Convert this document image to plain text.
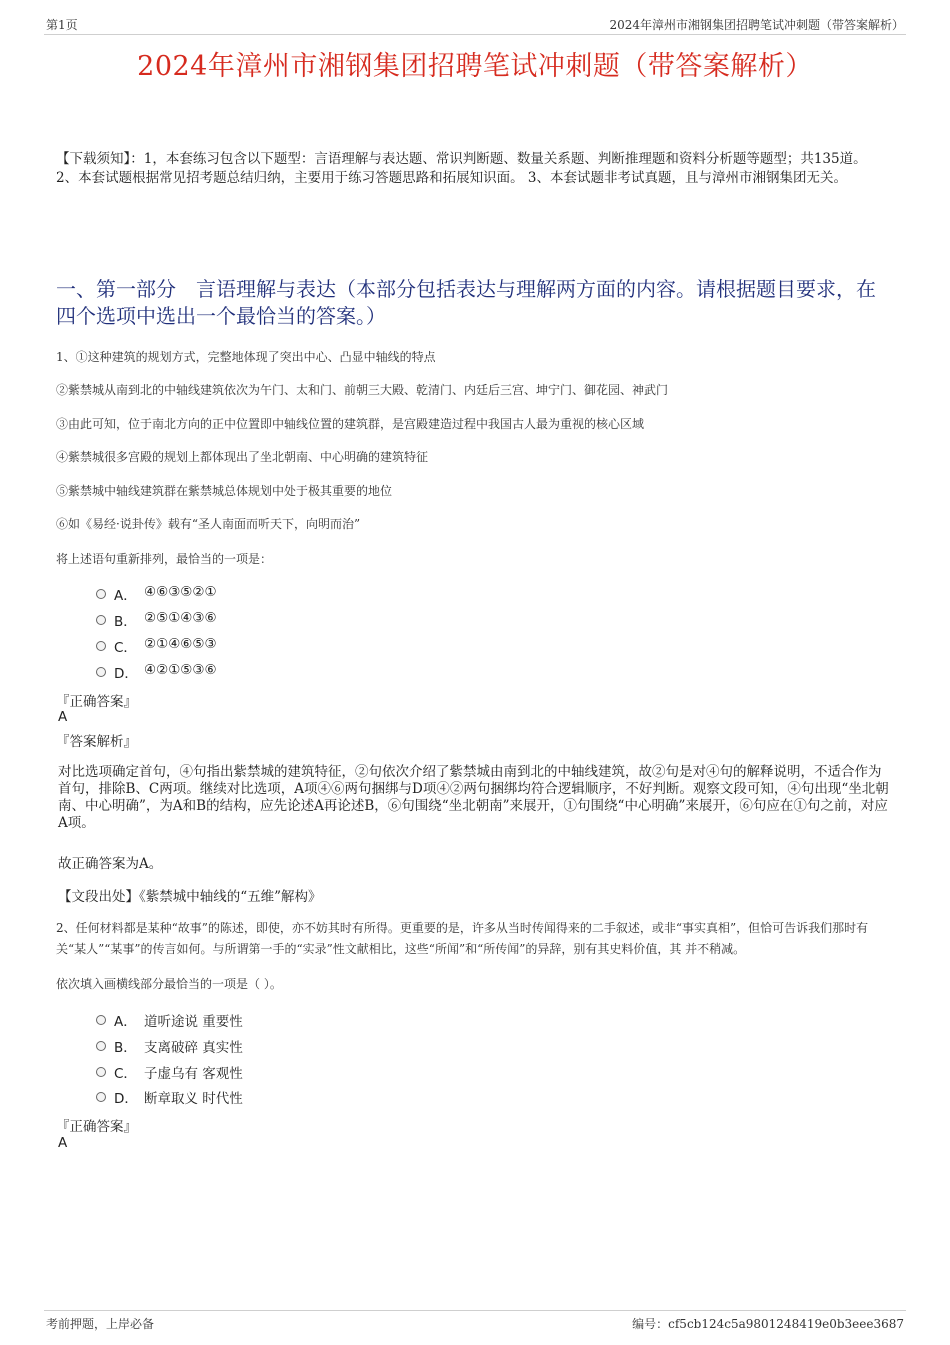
第1页	2024年漳州市湘钢集团招聘笔试冲刺题（带答案解析）
2024年漳州市湘钢集团招聘笔试冲刺题（带答案解析）
【下载须知】：1，本套练习包含以下题型：言语理解与表达题、常识判断题、数量关系题、判断推理题和资料分析题等题型；共135道。 2、本套试题根据常见招考题总结归纳，主要用于练习答题思路和拓展知识面。 3、本套试题非考试真题，且与漳州市湘钢集团无关。
一、第一部分　言语理解与表达（本部分包括表达与理解两方面的内容。请根据题目要求，在四个选项中选出一个最恰当的答案。）
1、①这种建筑的规划方式，完整地体现了突出中心、凸显中轴线的特点
②紫禁城从南到北的中轴线建筑依次为午门、太和门、前朝三大殿、乾清门、内廷后三宫、坤宁门、御花园、神武门
③由此可知，位于南北方向的正中位置即中轴线位置的建筑群，是宫殿建造过程中我国古人最为重视的核心区域
④紫禁城很多宫殿的规划上都体现出了坐北朝南、中心明确的建筑特征
⑤紫禁城中轴线建筑群在紫禁城总体规划中处于极其重要的地位
⑥如《易经·说卦传》载有“圣人南面而听天下，向明而治”
将上述语句重新排列，最恰当的一项是：
A． ④⑥③⑤②①
B． ②⑤①④③⑥
C． ②①④⑥⑤③
D． ④②①⑤③⑥
『正确答案』
A
『答案解析』
对比选项确定首句，④句指出紫禁城的建筑特征，②句依次介绍了紫禁城由南到北的中轴线建筑，故②句是对④句的解释说明，不适合作为首句，排除B、C两项。继续对比选项，A项④⑥两句捆绑与D项④②两句捆绑均符合逻辑顺序，不好判断。观察文段可知，④句出现“坐北朝南、中心明确”，为A和B的结构，应先论述A再论述B，⑥句围绕“坐北朝南”来展开，①句围绕“中心明确”来展开，⑥句应在①句之前，对应A项。
故正确答案为A。
【文段出处】《紫禁城中轴线的“五维”解构》
2、任何材料都是某种“故事”的陈述，即使，亦不妨其时有所得。更重要的是，许多从当时传闻得来的二手叙述，或非“事实真相”，但恰可告诉我们那时有关“某人”“某事”的传言如何。与所谓第一手的“实录”性文献相比，这些“所闻”和“所传闻”的异辞，别有其史料价值，其 并不稍减。
依次填入画横线部分最恰当的一项是（ ）。
A． 道听途说 重要性
B． 支离破碎 真实性
C． 子虚乌有 客观性
D． 断章取义 时代性
『正确答案』
A
考前押题，上岸必备	编号：cf5cb124c5a9801248419e0b3eee3687
